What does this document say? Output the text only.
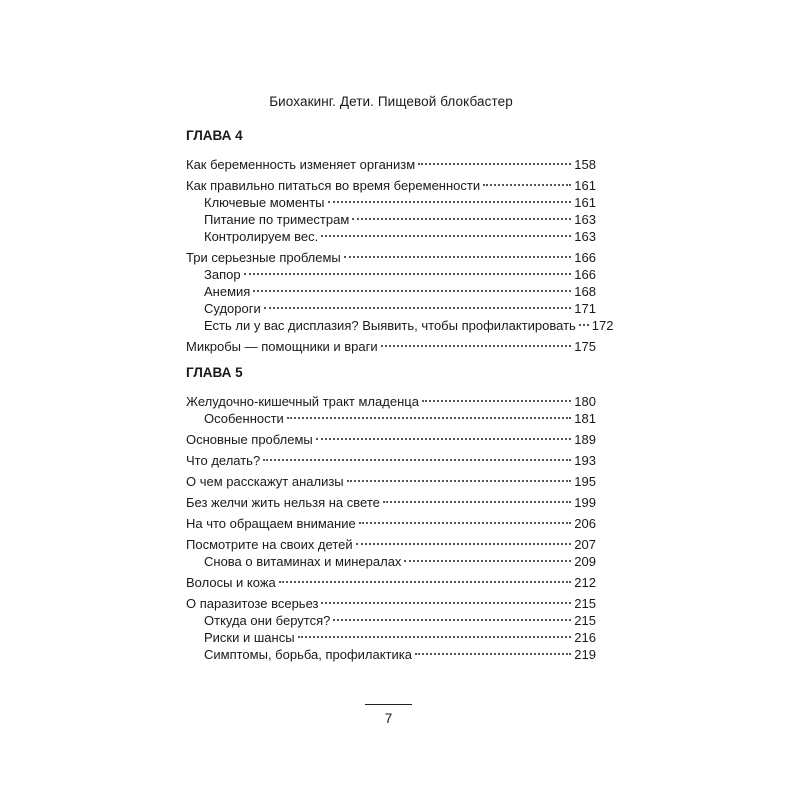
Биохакинг. Дети. Пищевой блокбастер
ГЛАВА 4
Как беременность изменяет организм	158
Как правильно питаться во время беременности	161
Ключевые моменты	161
Питание по триместрам	163
Контролируем вес.	163
Три серьезные проблемы	166
Запор	166
Анемия	168
Судороги	171
Есть ли у вас дисплазия? Выявить, чтобы профилактировать 172
Микробы — помощники и враги	175
ГЛАВА 5
Желудочно-кишечный тракт младенца	180
Особенности	181
Основные проблемы	189
Что делать?	193
О чем расскажут анализы	195
Без желчи жить нельзя на свете	199
На что обращаем внимание	206
Посмотрите на своих детей	207
Снова о витаминах и минералах	209
Волосы и кожа	212
О паразитозе всерьез	215
Откуда они берутся?	215
Риски и шансы	216
Симптомы, борьба, профилактика	219
7
